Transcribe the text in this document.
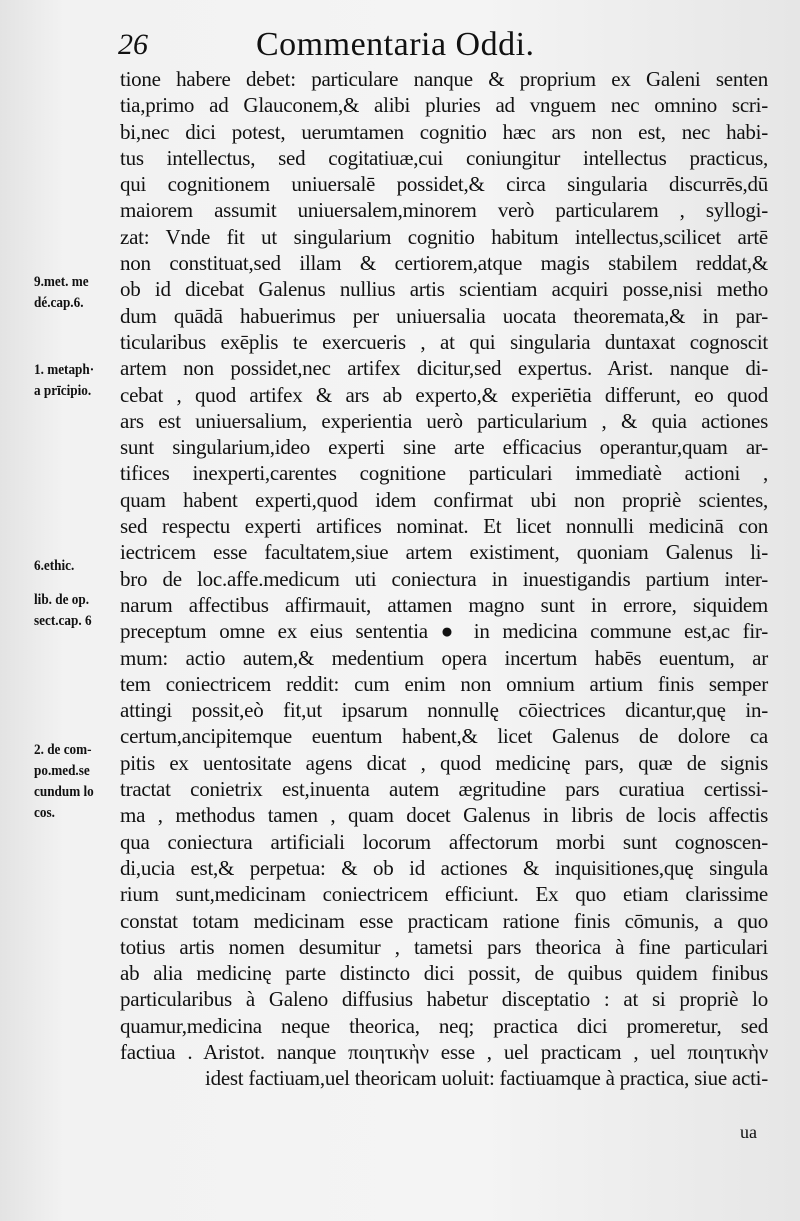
26	Commentaria Oddi.
9.met. me
dé.cap.6.
1. metaph·
a prīcipio.
6.ethic.
lib. de op.
sect.cap. 6
2. de com-
po.med.se
cundum lo
cos.
tione habere debet: particulare nanque & proprium ex Galeni senten
tia,primo ad Glauconem,& alibi pluries ad vnguem nec omnino scri-
bi,nec dici potest, uerumtamen cognitio hæc ars non est, nec habi-
tus intellectus, sed cogitatiuæ,cui coniungitur intellectus practicus,
qui cognitionem uniuersalē possidet,& circa singularia discurrēs,dū
maiorem assumit uniuersalem,minorem verò particularem , syllogi-
zat: Vnde fit ut singularium cognitio habitum intellectus,scilicet artē
non constituat,sed illam & certiorem,atque magis stabilem reddat,&
ob id dicebat Galenus nullius artis scientiam acquiri posse,nisi metho
dum quādā habuerimus per uniuersalia uocata theoremata,& in par-
ticularibus exēplis te exercueris , at qui singularia duntaxat cognoscit
artem non possidet,nec artifex dicitur,sed expertus. Arist. nanque di-
cebat , quod artifex & ars ab experto,& experiētia differunt, eo quod
ars est uniuersalium, experientia uerò particularium , & quia actiones
sunt singularium,ideo experti sine arte efficacius operantur,quam ar-
tifices inexperti,carentes cognitione particulari immediatè actioni ,
quam habent experti,quod idem confirmat ubi non propriè scientes,
sed respectu experti artifices nominat. Et licet nonnulli medicinā con
iectricem esse facultatem,siue artem existiment, quoniam Galenus li-
bro de loc.affe.medicum uti coniectura in inuestigandis partium inter-
narum affectibus affirmauit, attamen magno sunt in errore, siquidem
preceptum omne ex eius sententia ● in medicina commune est,ac fir-
mum: actio autem,& medentium opera incertum habēs euentum, ar
tem coniectricem reddit: cum enim non omnium artium finis semper
attingi possit,eò fit,ut ipsarum nonnullę cōiectrices dicantur,quę in-
certum,ancipitemque euentum habent,& licet Galenus de dolore ca
pitis ex uentositate agens dicat , quod medicinę pars, quæ de signis
tractat conietrix est,inuenta autem ægritudine pars curatiua certissi-
ma , methodus tamen , quam docet Galenus in libris de locis affectis
qua coniectura artificiali locorum affectorum morbi sunt cognoscen-
di,ucia est,& perpetua: & ob id actiones & inquisitiones,quę singula
rium sunt,medicinam coniectricem efficiunt. Ex quo etiam clarissime
constat totam medicinam esse practicam ratione finis cōmunis, a quo
totius artis nomen desumitur , tametsi pars theorica à fine particulari
ab alia medicinę parte distincto dici possit, de quibus quidem finibus
particularibus à Galeno diffusius habetur disceptatio : at si propriè lo
quamur,medicina neque theorica, neq; practica dici promeretur, sed
factiua . Aristot. nanque ποιητικὴν esse , uel practicam , uel ποιητικὴν
idest factiuam,uel theoricam uoluit: factiuamque à practica, siue acti-
ua
